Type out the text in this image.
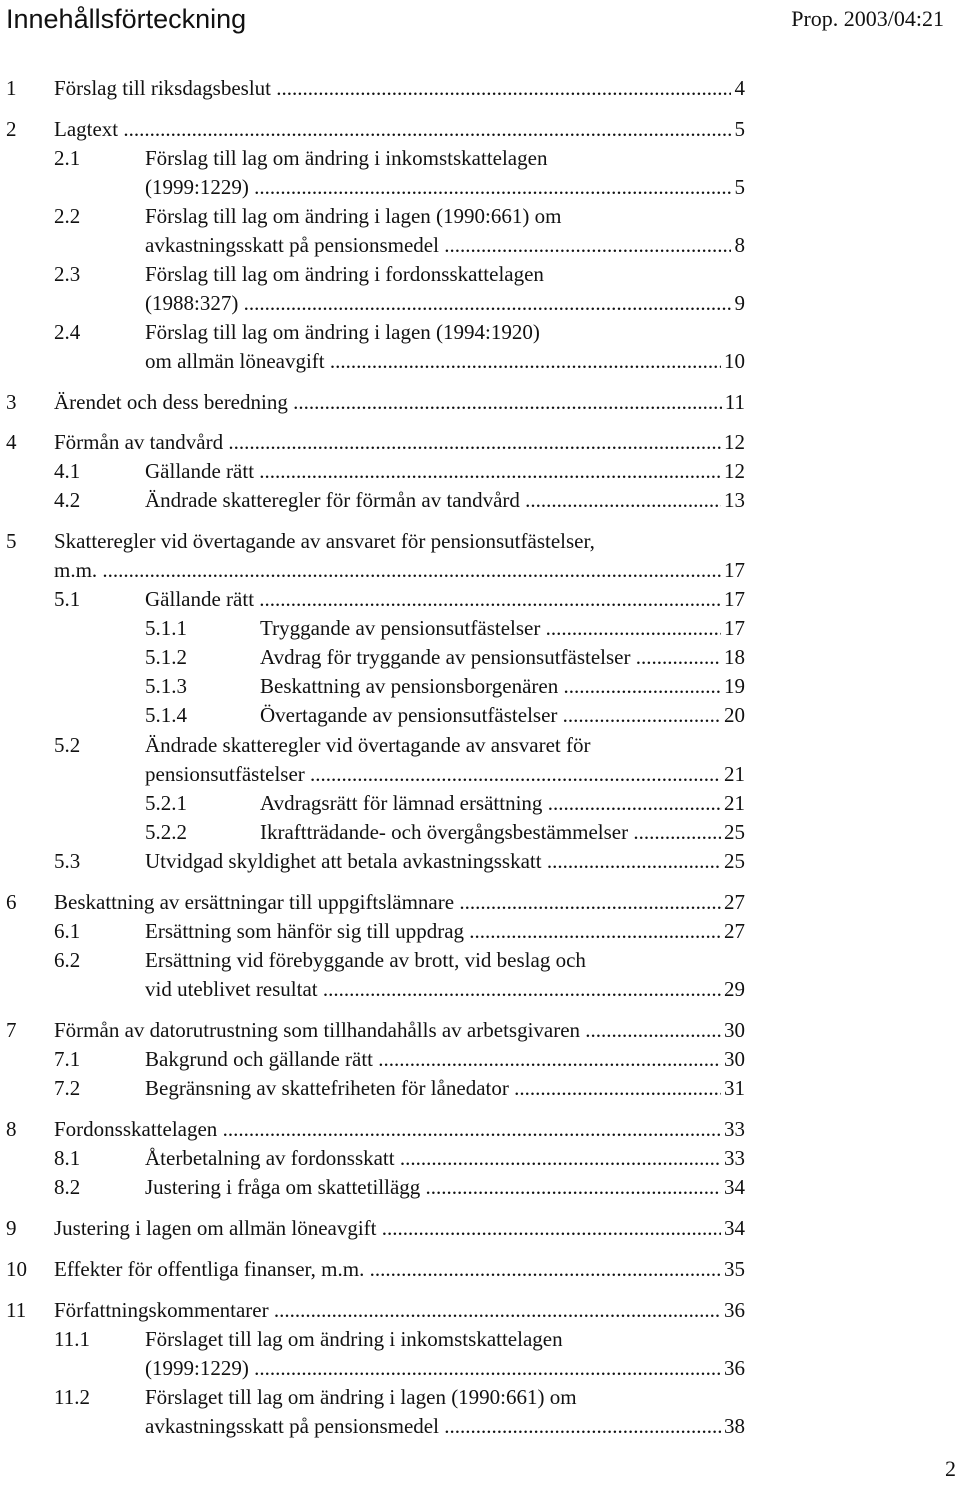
Innehållsförteckning	Prop. 2003/04:21
1 Förslag till riksdagsbeslut .....	4
2 Lagtext .....	5
2.1	Förslag till lag om ändring i inkomstskattelagen
(1999:1229) .....	5
2.2	Förslag till lag om ändring i lagen (1990:661) om
avkastningsskatt på pensionsmedel .....	8
2.3	Förslag till lag om ändring i fordonsskattelagen
(1988:327) .....	9
2.4	Förslag till lag om ändring i lagen (1994:1920)
om allmän löneavgift .....	10
3 Ärendet och dess beredning .....	11
4 Förmån av tandvård .....	12
4.1	Gällande rätt .....	12
4.2	Ändrade skatteregler för förmån av tandvård .....	13
5 Skatteregler vid övertagande av ansvaret för pensionsutfästelser,
m.m. .....	17
5.1	Gällande rätt .....	17
5.1.1	Tryggande av pensionsutfästelser .....	17
5.1.2	Avdrag för tryggande av pensionsutfästelser .....	18
5.1.3	Beskattning av pensionsborgenären .....	19
5.1.4	Övertagande av pensionsutfästelser .....	20
5.2	Ändrade skatteregler vid övertagande av ansvaret för
pensionsutfästelser .....	21
5.2.1	Avdragsrätt för lämnad ersättning .....	21
5.2.2	Ikraftträdande- och övergångsbestämmelser .....	25
5.3	Utvidgad skyldighet att betala avkastningsskatt .....	25
6 Beskattning av ersättningar till uppgiftslämnare .....	27
6.1	Ersättning som hänför sig till uppdrag .....	27
6.2	Ersättning vid förebyggande av brott, vid beslag och
vid uteblivet resultat .....	29
7 Förmån av datorutrustning som tillhandahålls av arbetsgivaren .....	30
7.1	Bakgrund och gällande rätt .....	30
7.2	Begränsning av skattefriheten för lånedator .....	31
8 Fordonsskattelagen .....	33
8.1	Återbetalning av fordonsskatt .....	33
8.2	Justering i fråga om skattetillägg .....	34
9 Justering i lagen om allmän löneavgift .....	34
10 Effekter för offentliga finanser, m.m. .....	35
11 Författningskommentarer .....	36
11.1	Förslaget till lag om ändring i inkomstskattelagen
(1999:1229) .....	36
11.2	Förslaget till lag om ändring i lagen (1990:661) om
avkastningsskatt på pensionsmedel .....	38
2
